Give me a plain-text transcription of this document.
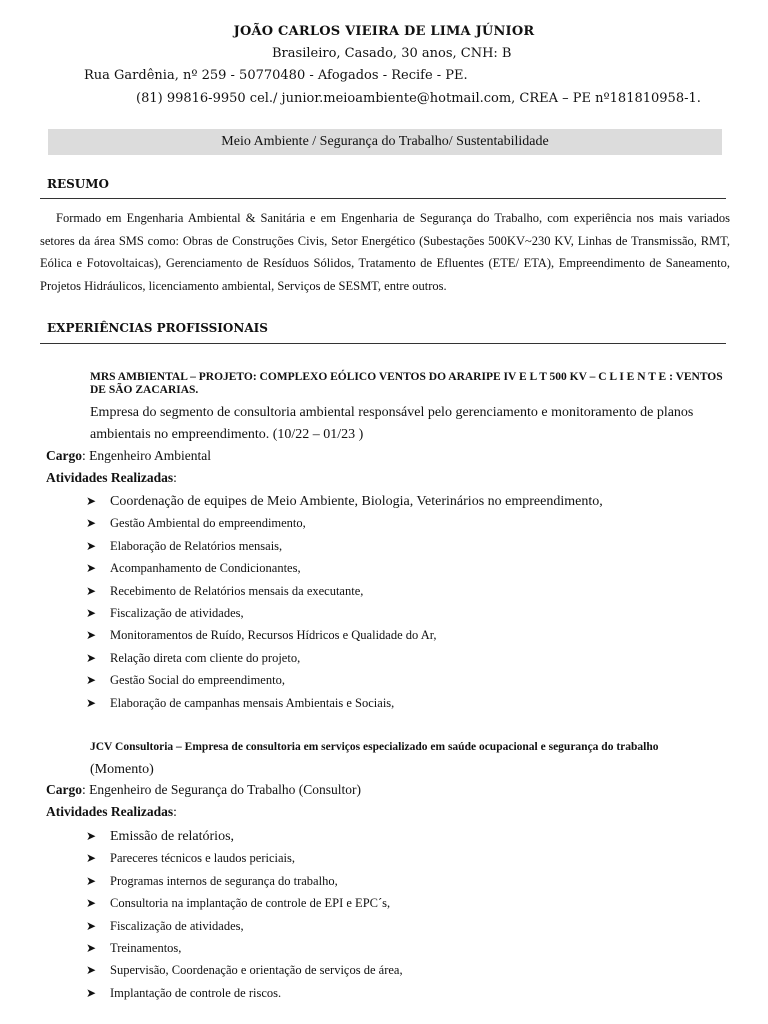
JOÃO CARLOS VIEIRA DE LIMA JÚNIOR
Brasileiro, Casado, 30 anos, CNH: B
Rua Gardênia, nº 259 - 50770480 - Afogados - Recife - PE.
(81) 99816-9950 cel./ junior.meioambiente@hotmail.com, CREA – PE nº181810958-1.
Meio Ambiente / Segurança do Trabalho/ Sustentabilidade
RESUMO
Formado em Engenharia Ambiental & Sanitária e em Engenharia de Segurança do Trabalho, com experiência nos mais variados setores da área SMS como: Obras de Construções Civis, Setor Energético (Subestações 500KV~230 KV, Linhas de Transmissão, RMT, Eólica e Fotovoltaicas), Gerenciamento de Resíduos Sólidos, Tratamento de Efluentes (ETE/ ETA), Empreendimento de Saneamento, Projetos Hidráulicos, licenciamento ambiental, Serviços de SESMT, entre outros.
EXPERIÊNCIAS PROFISSIONAIS
MRS AMBIENTAL – PROJETO: COMPLEXO EÓLICO VENTOS DO ARARIPE IV E L T 500 KV – C L I E N T E : VENTOS DE SÃO ZACARIAS.
Empresa do segmento de consultoria ambiental responsável pelo gerenciamento e monitoramento de planos ambientais no empreendimento. (10/22 – 01/23 )
Cargo: Engenheiro Ambiental
Atividades Realizadas:
➤ Coordenação de equipes de Meio Ambiente, Biologia, Veterinários no empreendimento,
➤ Gestão Ambiental do empreendimento,
➤ Elaboração de Relatórios mensais,
➤ Acompanhamento de Condicionantes,
➤ Recebimento de Relatórios mensais da executante,
➤ Fiscalização de atividades,
➤ Monitoramentos de Ruído, Recursos Hídricos e Qualidade do Ar,
➤ Relação direta com cliente do projeto,
➤ Gestão Social do empreendimento,
➤ Elaboração de campanhas mensais Ambientais e Sociais,
JCV Consultoria – Empresa de consultoria em serviços especializado em saúde ocupacional e segurança do trabalho
(Momento)
Cargo: Engenheiro de Segurança do Trabalho (Consultor)
Atividades Realizadas:
➤ Emissão de relatórios,
➤ Pareceres técnicos e laudos periciais,
➤ Programas internos de segurança do trabalho,
➤ Consultoria na implantação de controle de EPI e EPC´s,
➤ Fiscalização de atividades,
➤ Treinamentos,
➤ Supervisão, Coordenação e orientação de serviços de área,
➤ Implantação de controle de riscos.
